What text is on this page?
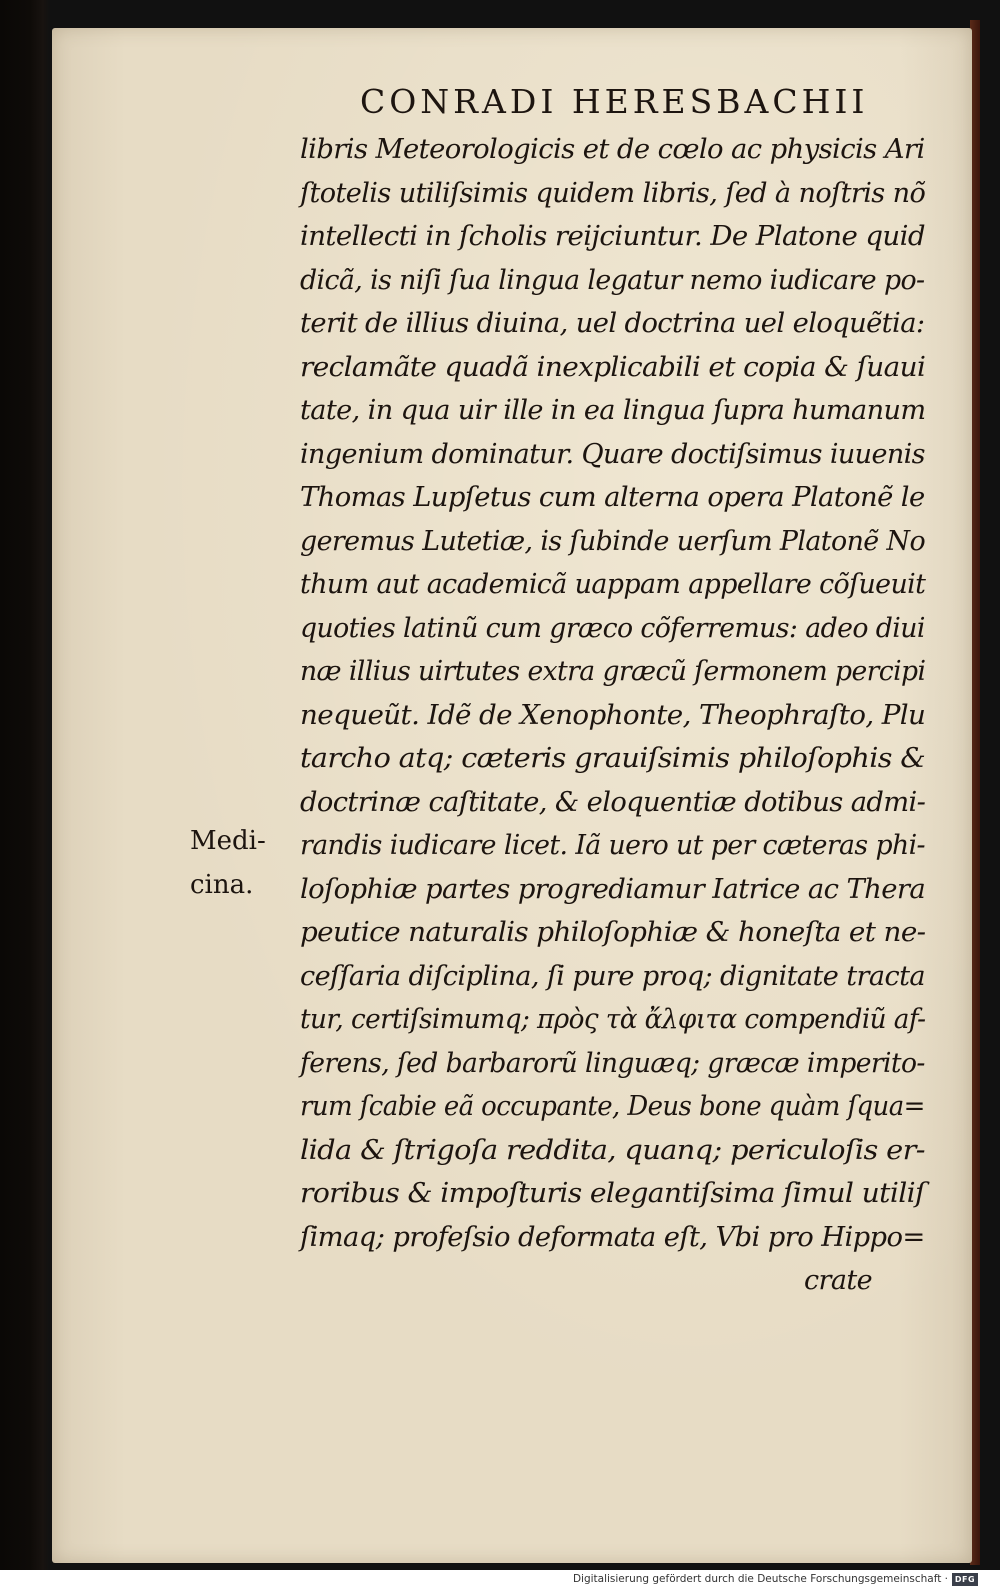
CONRADI HERESBACHII
libris Meteorologicis et de cœlo ac physicis Ari
ſtotelis utiliſsimis quidem libris, ſed à noſtris nõ
intellecti in ſcholis reijciuntur. De Platone quid
dicã, is niſi ſua lingua legatur nemo iudicare po-
terit de illius diuina, uel doctrina uel eloquẽtia:
reclamãte quadã inexplicabili et copia & ſuaui
tate, in qua uir ille in ea lingua ſupra humanum
ingenium dominatur. Quare doctiſsimus iuuenis
Thomas Lupſetus cum alterna opera Platonẽ le
geremus Lutetiæ, is ſubinde uerſum Platonẽ No
thum aut academicã uappam appellare cõſueuit
quoties latinũ cum græco cõferremus: adeo diui
næ illius uirtutes extra græcũ ſermonem percipi
nequeũt. Idẽ de Xenophonte, Theophraſto, Plu
tarcho atq; cæteris grauiſsimis philoſophis &
doctrinæ caſtitate, & eloquentiæ dotibus admi-
randis iudicare licet. Iã uero ut per cæteras phi-
loſophiæ partes progrediamur Iatrice ac Thera
peutice naturalis philoſophiæ & honeſta et ne-
ceſſaria diſciplina, ſi pure proq; dignitate tracta
tur, certiſsimumq; πρὸς τὰ ἄλφιτα compendiũ af-
ferens, ſed barbarorũ linguæq; græcæ imperito-
rum ſcabie eã occupante, Deus bone quàm ſqua=
lida & ſtrigoſa reddita, quanq; periculoſis er-
roribus & impoſturis elegantiſsima ſimul utiliſ
ſimaq; profeſsio deformata eſt, Vbi pro Hippo=
crate
Medi-
cina.
Digitalisierung gefördert durch die Deutsche Forschungsgemeinschaft · DFG
